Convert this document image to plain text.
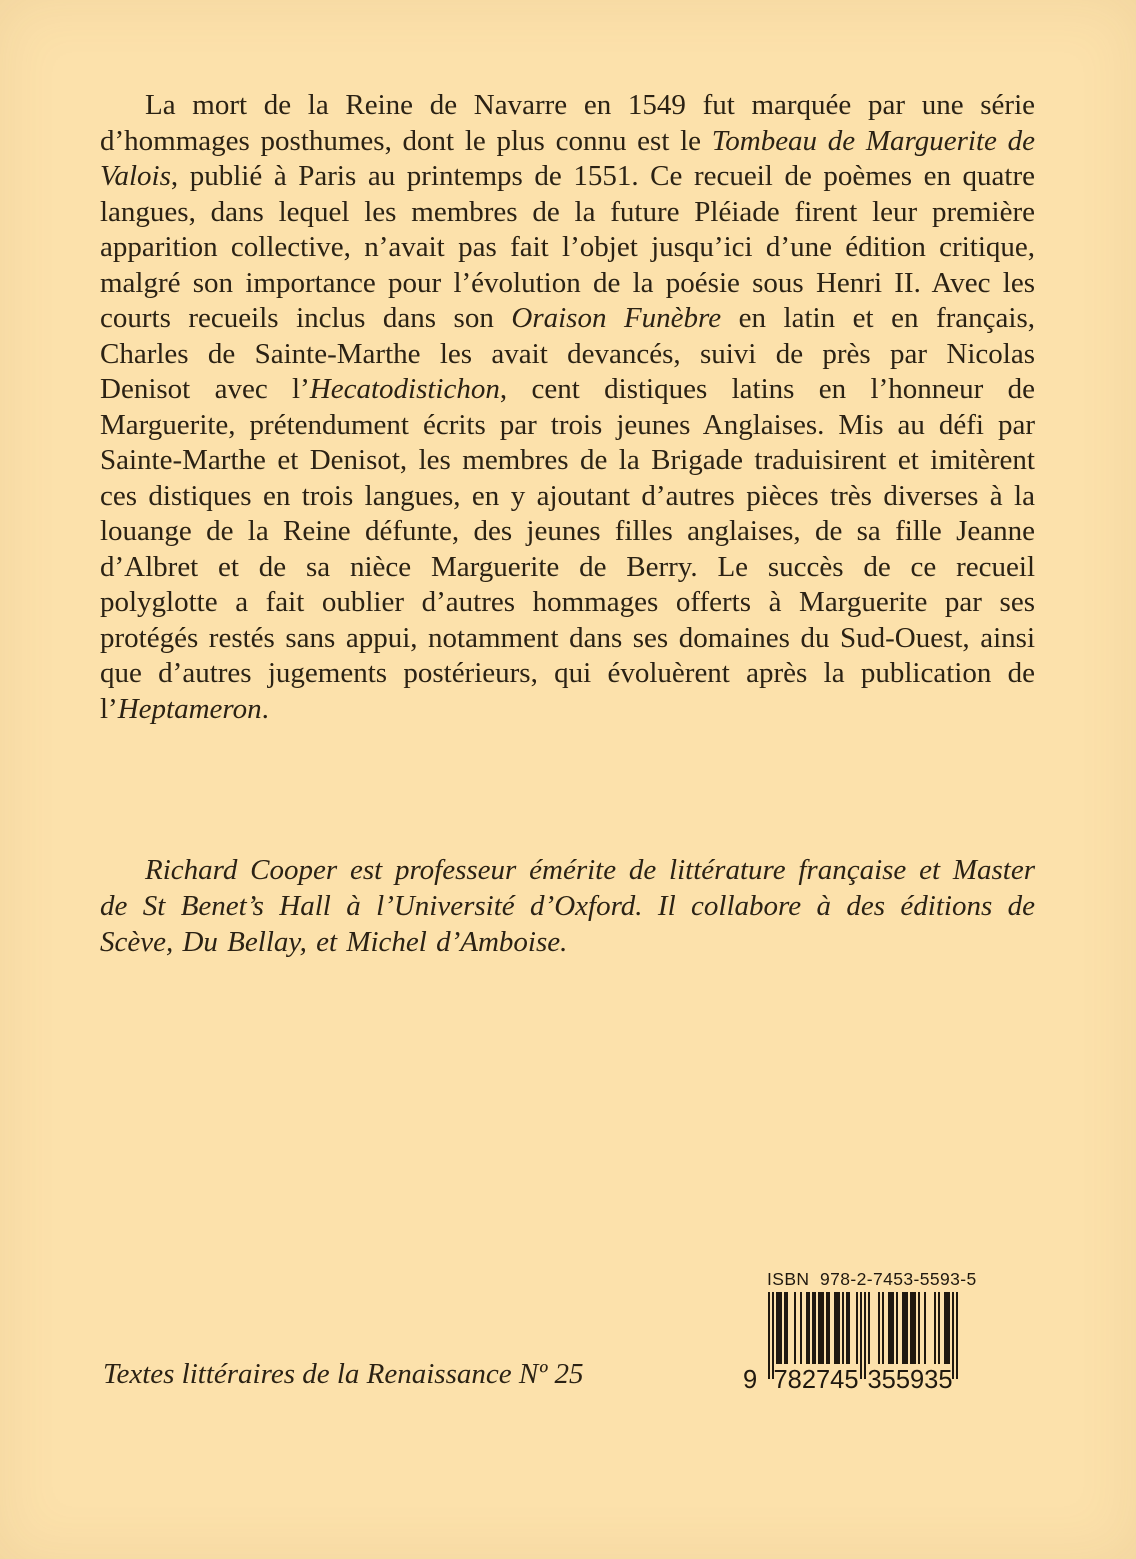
La mort de la Reine de Navarre en 1549 fut marquée par une série d’hommages posthumes, dont le plus connu est le Tombeau de Marguerite de Valois, publié à Paris au printemps de 1551. Ce recueil de poèmes en quatre langues, dans lequel les membres de la future Pléiade firent leur première apparition collective, n’avait pas fait l’objet jusqu’ici d’une édition critique, malgré son importance pour l’évolution de la poésie sous Henri II. Avec les courts recueils inclus dans son Oraison Funèbre en latin et en français, Charles de Sainte-Marthe les avait devancés, suivi de près par Nicolas Denisot avec l’Hecatodistichon, cent distiques latins en l’honneur de Marguerite, prétendument écrits par trois jeunes Anglaises. Mis au défi par Sainte-Marthe et Denisot, les membres de la Brigade traduisirent et imitèrent ces distiques en trois langues, en y ajoutant d’autres pièces très diverses à la louange de la Reine défunte, des jeunes filles anglaises, de sa fille Jeanne d’Albret et de sa nièce Marguerite de Berry. Le succès de ce recueil polyglotte a fait oublier d’autres hommages offerts à Marguerite par ses protégés restés sans appui, notamment dans ses domaines du Sud-Ouest, ainsi que d’autres jugements postérieurs, qui évoluèrent après la publication de l’Heptameron.

Richard Cooper est professeur émérite de littérature française et Master de St Benet’s Hall à l’Université d’Oxford. Il collabore à des éditions de Scève, Du Bellay, et Michel d’Amboise.

Textes littéraires de la Renaissance Nº 25
ISBN  978-2-7453-5593-5
9 782745 355935
